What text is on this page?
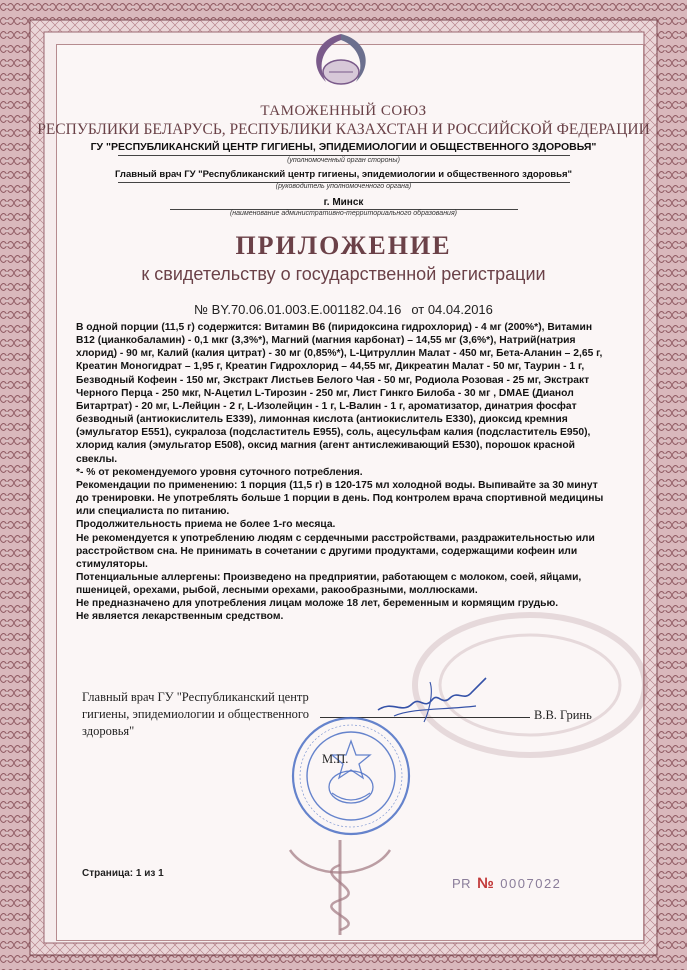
ТАМОЖЕННЫЙ СОЮЗ
РЕСПУБЛИКИ БЕЛАРУСЬ, РЕСПУБЛИКИ КАЗАХСТАН И РОССИЙСКОЙ ФЕДЕРАЦИИ
ГУ "РЕСПУБЛИКАНСКИЙ ЦЕНТР ГИГИЕНЫ, ЭПИДЕМИОЛОГИИ И ОБЩЕСТВЕННОГО ЗДОРОВЬЯ"
(уполномоченный орган стороны)
Главный врач ГУ "Республиканский центр гигиены, эпидемиологии и общественного здоровья"
(руководитель уполномоченного органа)
г. Минск
(наименование административно-территориального образования)
ПРИЛОЖЕНИЕ
к свидетельству о государственной регистрации
№ BY.70.06.01.003.E.001182.04.16 от 04.04.2016

В одной порции (11,5 г) содержится: Витамин В6 (пиридоксина гидрохлорид) - 4 мг (200%*), Витамин В12 (цианкобаламин) - 0,1 мкг (3,3%*), Магний (магния карбонат) – 14,55 мг (3,6%*), Натрий(натрия хлорид) - 90 мг, Калий (калия цитрат) - 30 мг (0,85%*), L-Цитруллин Малат - 450 мг, Бета-Аланин – 2,65 г, Креатин Моногидрат – 1,95 г, Креатин Гидрохлорид – 44,55 мг, Дикреатин Малат - 50 мг, Таурин - 1 г, Безводный Кофеин - 150 мг, Экстракт Листьев Белого Чая - 50 мг, Родиола Розовая - 25 мг, Экстракт Черного Перца - 250 мкг, N-Ацетил L-Тирозин - 250 мг, Лист Гинкго Билоба - 30 мг , DMAE (Дианол Битартрат) - 20 мг, L-Лейцин - 2 г, L-Изолейцин - 1 г, L-Валин - 1 г, ароматизатор, динатрия фосфат безводный (антиокислитель Е339), лимонная кислота (антиокислитель Е330), диоксид кремния (эмульгатор Е551), сукралоза (подсластитель Е955), соль, ацесульфам калия (подсластитель Е950), хлорид калия (эмульгатор Е508), оксид магния (агент антислеживающий Е530), порошок красной свеклы.

*- % от рекомендуемого уровня суточного потребления.

Рекомендации по применению: 1 порция (11,5 г) в 120-175 мл холодной воды. Выпивайте за 30 минут до тренировки. Не употреблять больше 1 порции в день. Под контролем врача спортивной медицины или специалиста по питанию.

Продолжительность приема не более 1-го месяца.

Не рекомендуется к употреблению людям с сердечными расстройствами, раздражительностью или расстройством сна. Не принимать в сочетании с другими продуктами, содержащими кофеин или стимуляторы.

Потенциальные аллергены: Произведено на предприятии, работающем с молоком, соей, яйцами, пшеницей, орехами, рыбой, лесными орехами, ракообразными, моллюсками.

Не предназначено для употребления лицам моложе 18 лет, беременным и кормящим грудью.

Не является лекарственным средством.

Главный врач ГУ "Республиканский центр гигиены, эпидемиологии и общественного здоровья"
В.В. Гринь
М.П.
Страница: 1 из 1
PR № 0007022
